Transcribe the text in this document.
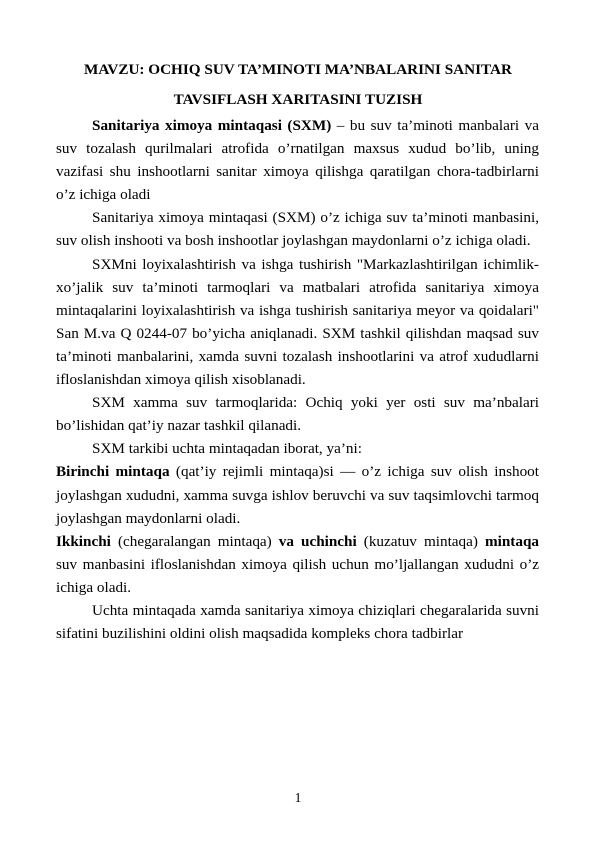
MAVZU: OCHIQ SUV TA’MINOTI MA’NBALARINI SANITAR
TAVSIFLASH XARITASINI TUZISH

Sanitariya ximoya mintaqasi (SXM) – bu suv ta’minoti manbalari va suv tozalash qurilmalari atrofida o’rnatilgan maxsus xudud bo’lib, uning vazifasi shu inshootlarni sanitar ximoya qilishga qaratilgan chora-tadbirlarni o’z ichiga oladi

Sanitariya ximoya mintaqasi (SXM) o’z ichiga suv ta’minoti manbasini, suv olish inshooti va bosh inshootlar joylashgan maydonlarni o’z ichiga oladi.

SXMni loyixalashtirish va ishga tushirish "Markazlashtirilgan ichimlik-xo’jalik suv ta’minoti tarmoqlari va matbalari atrofida sanitariya ximoya mintaqalarini loyixalashtirish va ishga tushirish sanitariya meyor va qoidalari" San M.va Q 0244-07 bo’yicha aniqlanadi. SXM tashkil qilishdan maqsad suv ta’minoti manbalarini, xamda suvni tozalash inshootlarini va atrof xududlarni ifloslanishdan ximoya qilish xisoblanadi.

SXM xamma suv tarmoqlarida: Ochiq yoki yer osti suv ma’nbalari bo’lishidan qat’iy nazar tashkil qilanadi.

SXM tarkibi uchta mintaqadan iborat, ya’ni:

Birinchi mintaqa (qat’iy rejimli mintaqa)si — o’z ichiga suv olish inshoot joylashgan xududni, xamma suvga ishlov beruvchi va suv taqsimlovchi tarmoq joylashgan maydonlarni oladi.

Ikkinchi (chegaralangan mintaqa) va uchinchi (kuzatuv mintaqa) mintaqa suv manbasini ifloslanishdan ximoya qilish uchun mo’ljallangan xududni o’z ichiga oladi.

Uchta mintaqada xamda sanitariya ximoya chiziqlari chegaralarida suvni sifatini buzilishini oldini olish maqsadida kompleks chora tadbirlar

1
